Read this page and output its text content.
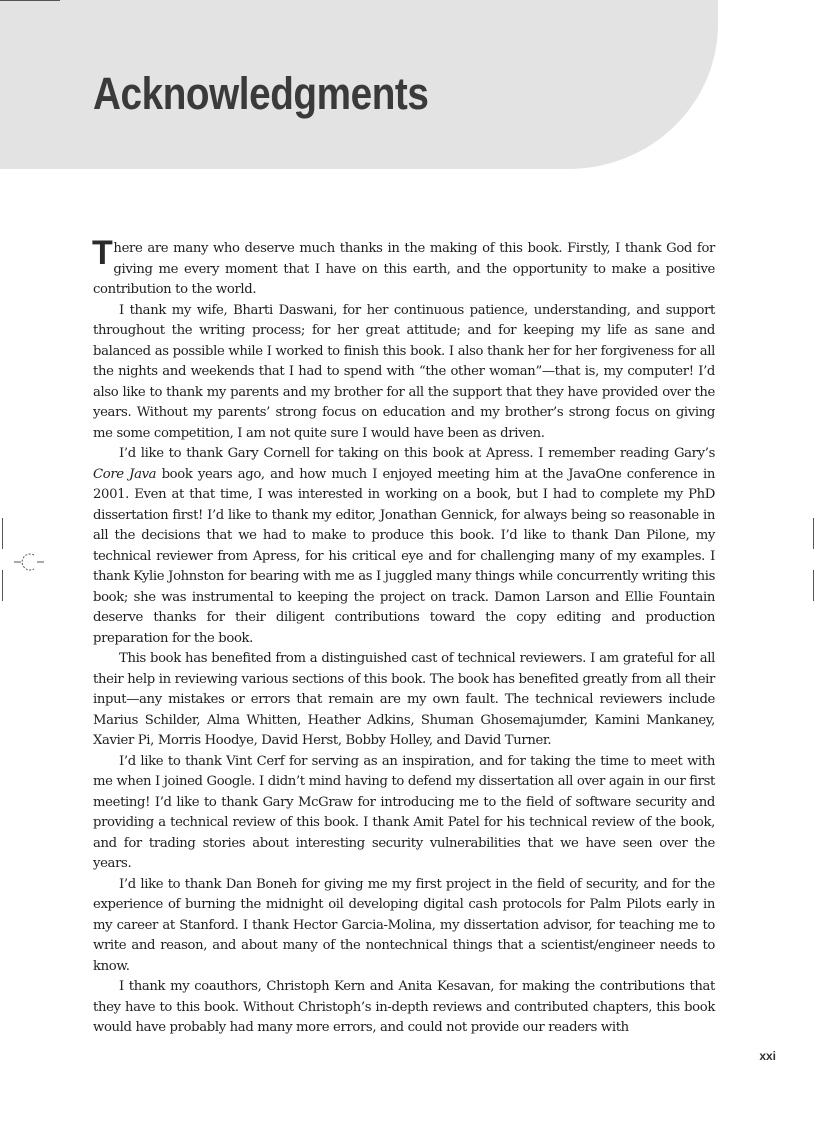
Acknowledgments

There are many who deserve much thanks in the making of this book. Firstly, I thank God for giving me every moment that I have on this earth, and the opportunity to make a positive contribution to the world.

I thank my wife, Bharti Daswani, for her continuous patience, understanding, and support throughout the writing process; for her great attitude; and for keeping my life as sane and balanced as possible while I worked to finish this book. I also thank her for her forgiveness for all the nights and weekends that I had to spend with “the other woman”—that is, my computer! I’d also like to thank my parents and my brother for all the support that they have provided over the years. Without my parents’ strong focus on education and my brother’s strong focus on giving me some competition, I am not quite sure I would have been as driven.

I’d like to thank Gary Cornell for taking on this book at Apress. I remember reading Gary’s Core Java book years ago, and how much I enjoyed meeting him at the JavaOne conference in 2001. Even at that time, I was interested in working on a book, but I had to complete my PhD dissertation first! I’d like to thank my editor, Jonathan Gennick, for always being so reasonable in all the decisions that we had to make to produce this book. I’d like to thank Dan Pilone, my technical reviewer from Apress, for his critical eye and for challenging many of my examples. I thank Kylie Johnston for bearing with me as I juggled many things while concurrently writing this book; she was instrumental to keeping the project on track. Damon Larson and Ellie Fountain deserve thanks for their diligent contributions toward the copy editing and production preparation for the book.

This book has benefited from a distinguished cast of technical reviewers. I am grateful for all their help in reviewing various sections of this book. The book has benefited greatly from all their input—any mistakes or errors that remain are my own fault. The technical reviewers include Marius Schilder, Alma Whitten, Heather Adkins, Shuman Ghosemajumder, Kamini Mankaney, Xavier Pi, Morris Hoodye, David Herst, Bobby Holley, and David Turner.

I’d like to thank Vint Cerf for serving as an inspiration, and for taking the time to meet with me when I joined Google. I didn’t mind having to defend my dissertation all over again in our first meeting! I’d like to thank Gary McGraw for introducing me to the field of software security and providing a technical review of this book. I thank Amit Patel for his technical review of the book, and for trading stories about interesting security vulnerabilities that we have seen over the years.

I’d like to thank Dan Boneh for giving me my first project in the field of security, and for the experience of burning the midnight oil developing digital cash protocols for Palm Pilots early in my career at Stanford. I thank Hector Garcia-Molina, my dissertation advisor, for teaching me to write and reason, and about many of the nontechnical things that a scientist/engineer needs to know.

I thank my coauthors, Christoph Kern and Anita Kesavan, for making the contributions that they have to this book. Without Christoph’s in-depth reviews and contributed chapters, this book would have probably had many more errors, and could not provide our readers with

xxi
